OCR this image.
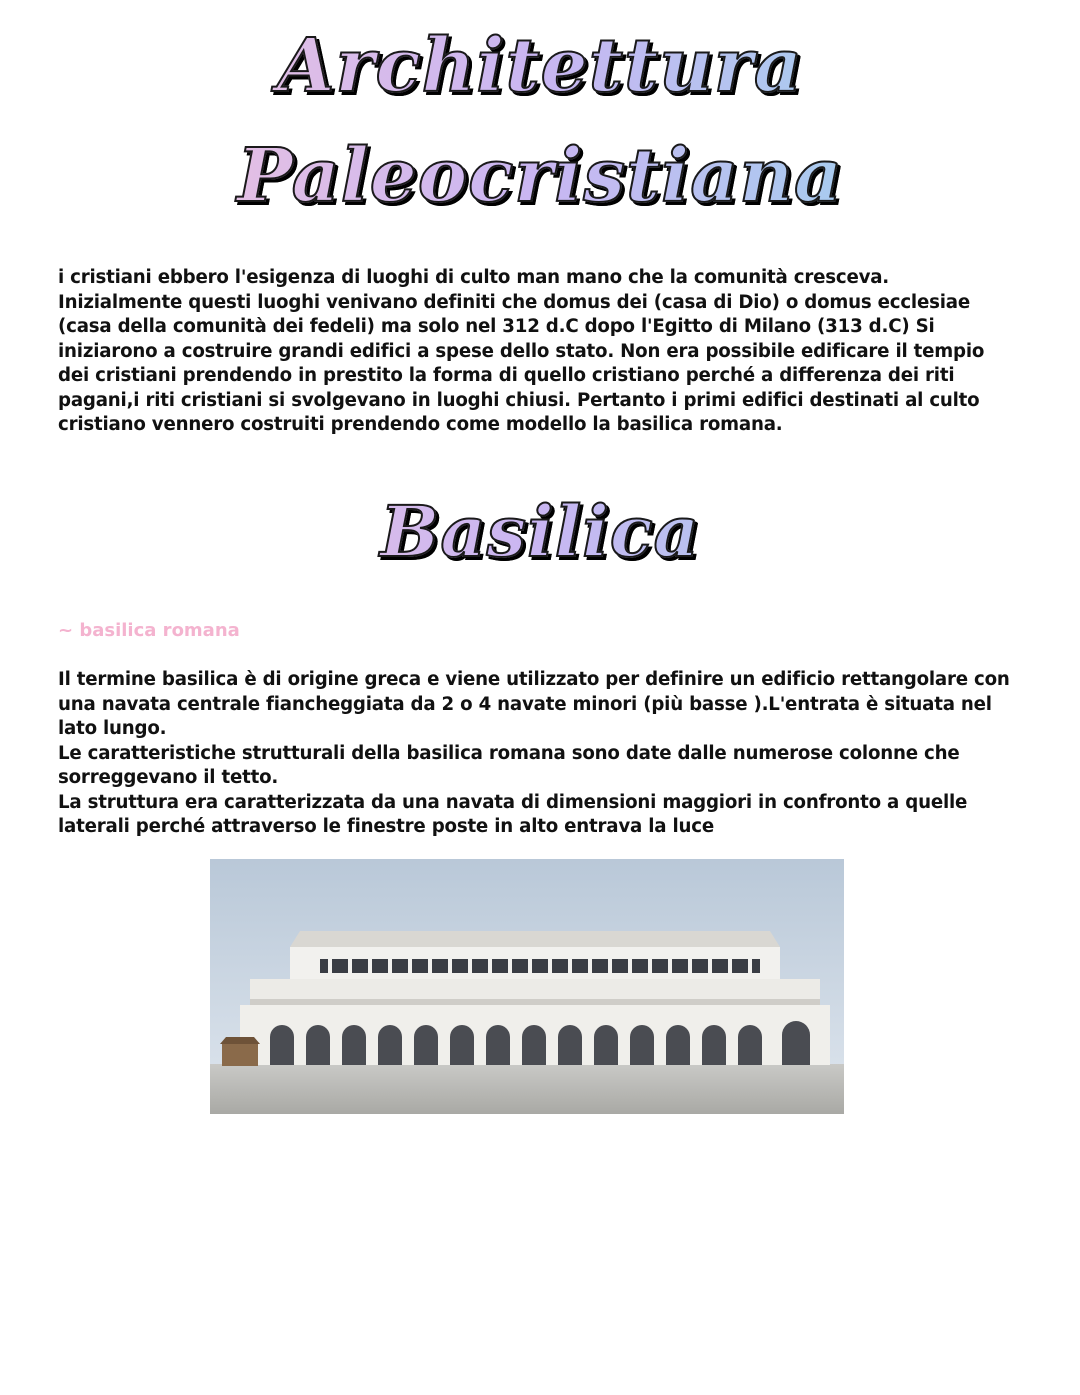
Architettura
Paleocristiana
i cristiani ebbero l'esigenza di luoghi di culto man mano che la comunità cresceva.
Inizialmente questi luoghi venivano definiti che domus dei (casa di Dio) o domus ecclesiae
(casa della comunità dei fedeli) ma solo nel 312 d.C dopo l'Egitto di Milano (313 d.C) Si
iniziarono a costruire grandi edifici a spese dello stato. Non era possibile edificare il tempio
dei cristiani prendendo in prestito la forma di quello cristiano perché a differenza dei riti
pagani,i riti cristiani si svolgevano in luoghi chiusi. Pertanto i primi edifici destinati al culto
cristiano vennero costruiti prendendo come modello la basilica romana.
Basilica

~ basilica romana

Il termine basilica è di origine greca e viene utilizzato per definire un edificio rettangolare con
una navata centrale fiancheggiata da 2 o 4 navate minori (più basse ).L'entrata è situata nel
lato lungo.
Le caratteristiche strutturali della basilica romana sono date dalle numerose colonne che
sorreggevano il tetto.
La struttura era caratterizzata da una navata di dimensioni maggiori in confronto a quelle
laterali perché attraverso le finestre poste in alto entrava la luce
